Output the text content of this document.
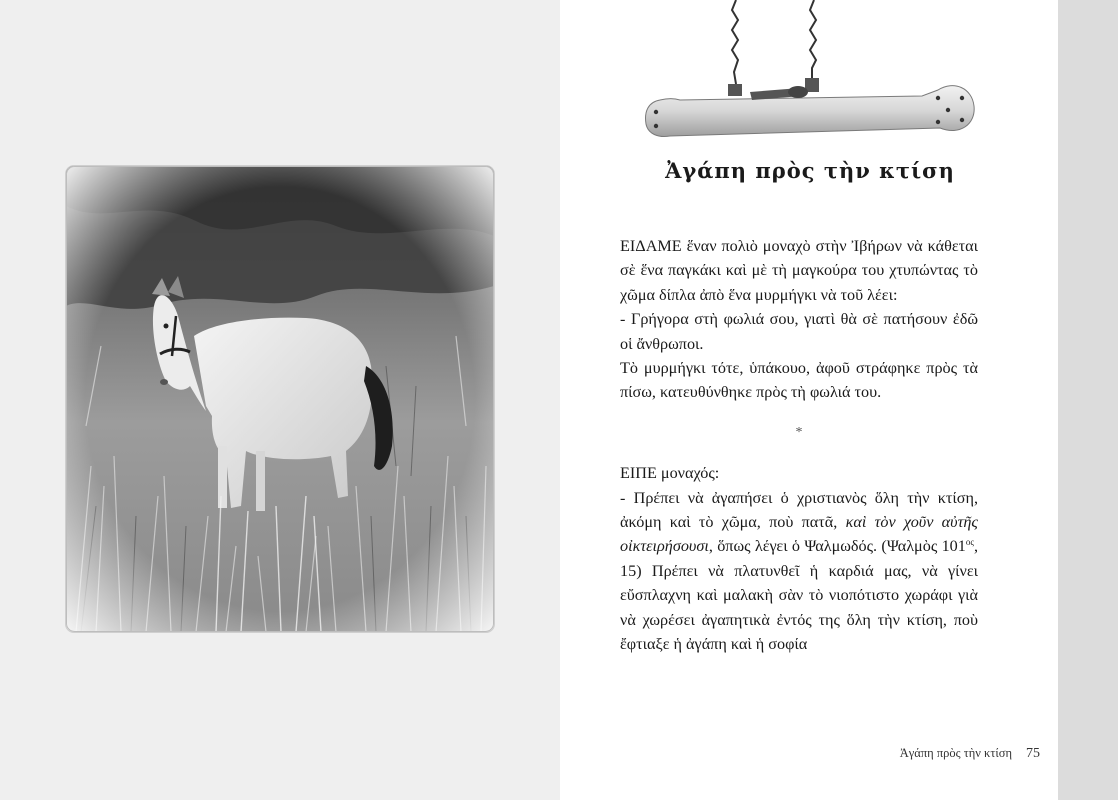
Ἀγάπη πρὸς τὴν κτίση

ΕΙΔΑΜΕ ἕναν πολιὸ μοναχὸ στὴν Ἰβήρων νὰ κάθεται σὲ ἕνα παγκάκι καὶ μὲ τὴ μαγκούρα του χτυπώντας τὸ χῶμα δίπλα ἀπὸ ἕνα μυρμήγκι νὰ τοῦ λέει:

- Γρήγορα στὴ φωλιά σου, γιατὶ θὰ σὲ πατήσουν ἐδῶ οἱ ἄνθρωποι.

Τὸ μυρμήγκι τότε, ὑπάκουο, ἀφοῦ στράφηκε πρὸς τὰ πίσω, κατευθύνθηκε πρὸς τὴ φωλιά του.

*

ΕΙΠΕ μοναχός:

- Πρέπει νὰ ἀγαπήσει ὁ χριστιανὸς ὅλη τὴν κτίση, ἀκόμη καὶ τὸ χῶμα, ποὺ πατᾶ, καὶ τὸν χοῦν αὐτῆς οἰκτειρήσουσι, ὅπως λέγει ὁ Ψαλμωδός. (Ψαλμὸς $101^{o\varsigma}$, 15) Πρέπει νὰ πλατυνθεῖ ἡ καρδιά μας, νὰ γίνει εὔσπλαχνη καὶ μαλακὴ σὰν τὸ νιοπότιστο χωράφι γιὰ νὰ χωρέσει ἀγαπητικὰ ἐντός της ὅλη τὴν κτίση, ποὺ ἔφτιαξε ἡ ἀγάπη καὶ ἡ σοφία

Ἀγάπη πρὸς τὴν κτίση 75
